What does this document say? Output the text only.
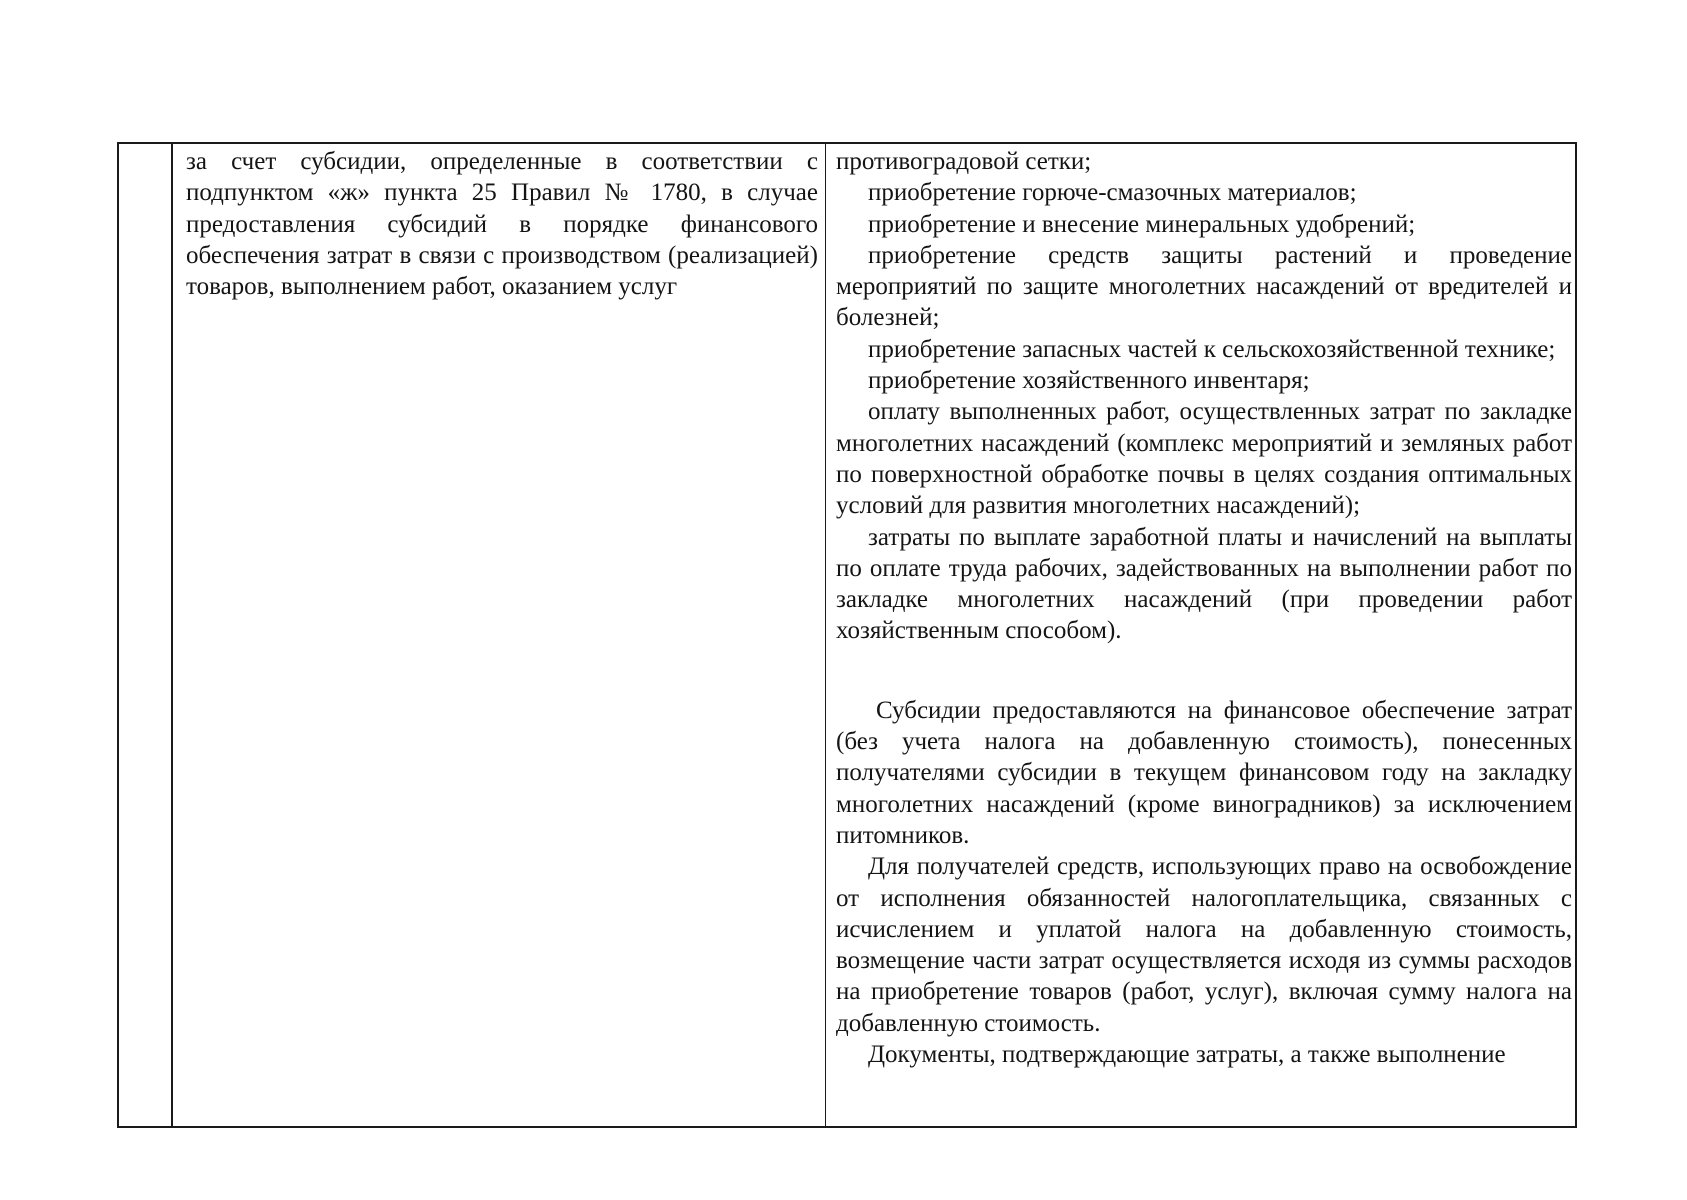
за счет субсидии, определенные в соответствии с подпунктом «ж» пункта 25 Правил № 1780, в случае предоставления субсидий в порядке финансового обеспечения затрат в связи с производством (реализацией) товаров, выполнением работ, оказанием услуг

противоградовой сетки;

приобретение горюче-смазочных материалов;

приобретение и внесение минеральных удобрений;

приобретение средств защиты растений и проведение мероприятий по защите многолетних насаждений от вредителей и болезней;

приобретение запасных частей к сельскохозяйственной технике;

приобретение хозяйственного инвентаря;

оплату выполненных работ, осуществленных затрат по закладке многолетних насаждений (комплекс мероприятий и земляных работ по поверхностной обработке почвы в целях создания оптимальных условий для развития многолетних насаждений);

затраты по выплате заработной платы и начислений на выплаты по оплате труда рабочих, задействованных на выполнении работ по закладке многолетних насаждений (при проведении работ хозяйственным способом).

Субсидии предоставляются на финансовое обеспечение затрат (без учета налога на добавленную стоимость), понесенных получателями субсидии в текущем финансовом году на закладку многолетних насаждений (кроме виноградников) за исключением питомников.

Для получателей средств, использующих право на освобождение от исполнения обязанностей налогоплательщика, связанных с исчислением и уплатой налога на добавленную стоимость, возмещение части затрат осуществляется исходя из суммы расходов на приобретение товаров (работ, услуг), включая сумму налога на добавленную стоимость.

Документы, подтверждающие затраты, а также выполнение
